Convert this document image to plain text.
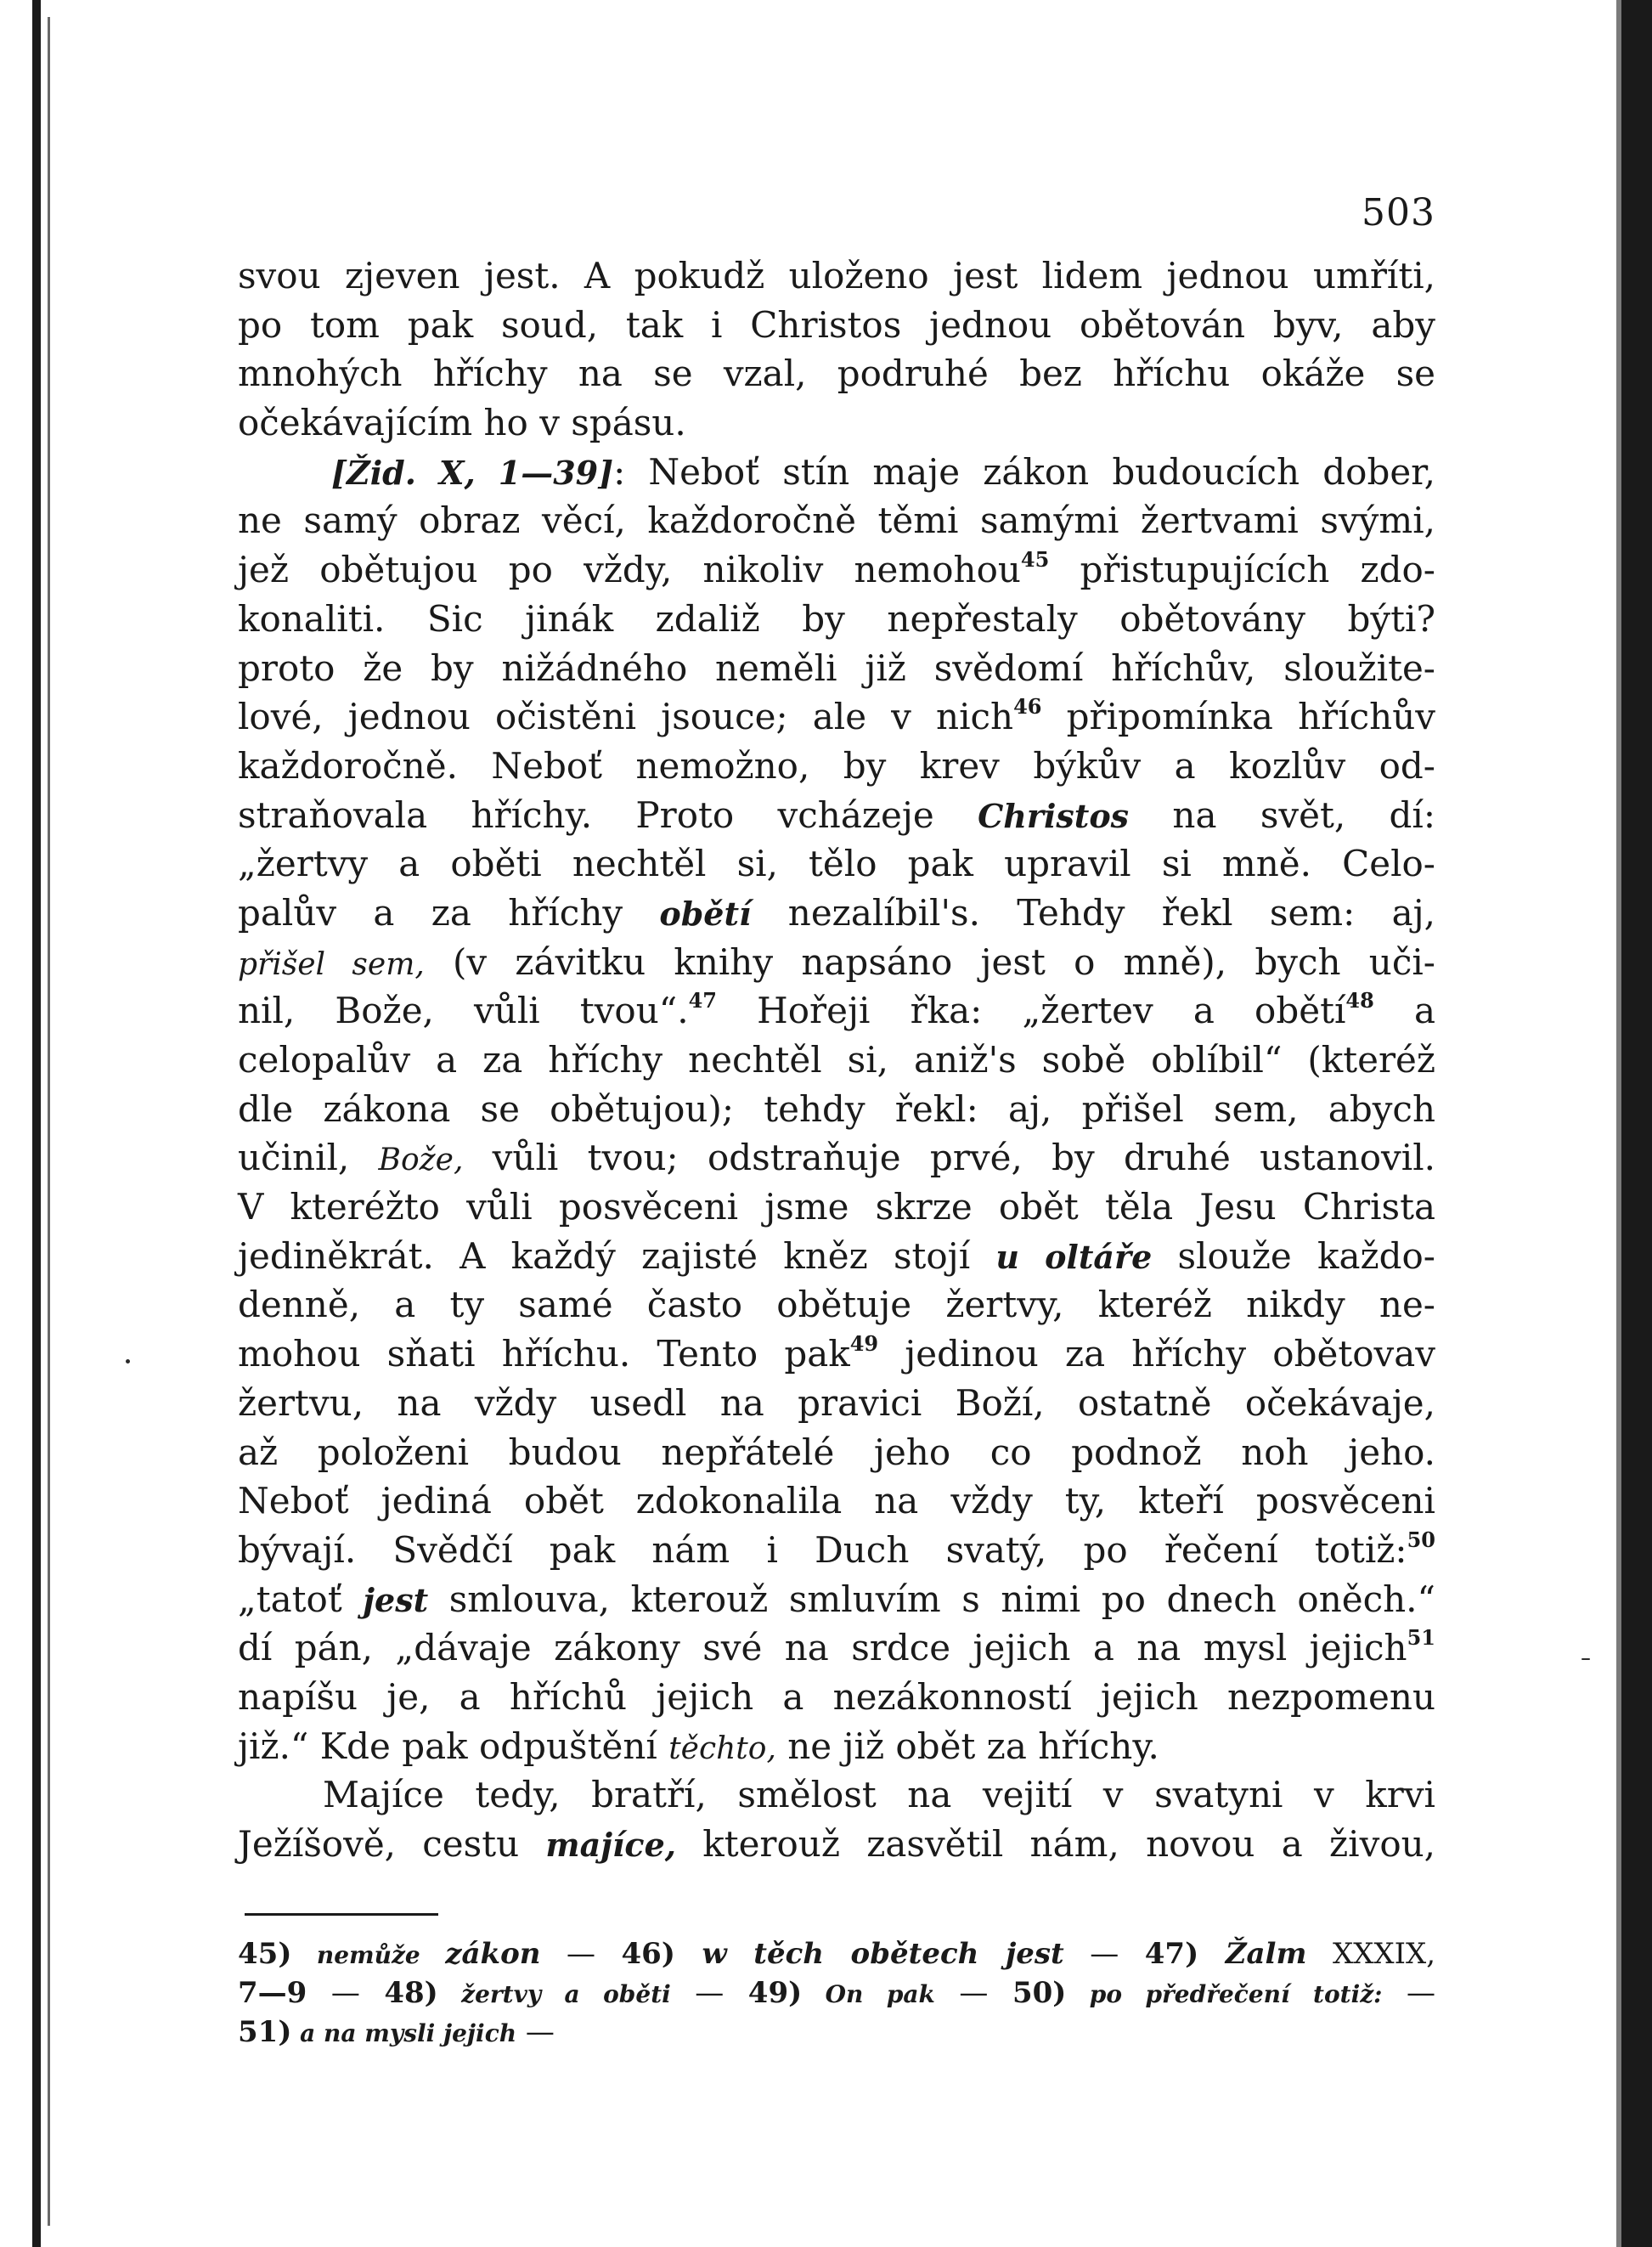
503
svou zjeven jest. A pokudž uloženo jest lidem jednou umříti,
po tom pak soud, tak i Christos jednou obětován byv, aby
mnohých hříchy na se vzal, podruhé bez hříchu okáže se
očekávajícím ho v spásu.
[Žid. X, 1—39]: Neboť stín maje zákon budoucích dober,
ne samý obraz věcí, každoročně těmi samými žertvami svými,
jež obětujou po vždy, nikoliv nemohou$^{45}$ přistupujících zdo-
konaliti. Sic jinák zdaliž by nepřestaly obětovány býti?
proto že by nižádného neměli již svědomí hříchův, sloužite-
lové, jednou očistěni jsouce; ale v nich$^{46}$ připomínka hříchův
každoročně. Neboť nemožno, by krev býkův a kozlův od-
straňovala hříchy. Proto vcházeje Christos na svět, dí:
„žertvy a oběti nechtěl si, tělo pak upravil si mně. Celo-
palův a za hříchy obětí nezalíbil's. Tehdy řekl sem: aj,
přišel sem, (v závitku knihy napsáno jest o mně), bych uči-
nil, Bože, vůli tvou“.$^{47}$ Hořeji řka: „žertev a obětí$^{48}$ a
celopalův a za hříchy nechtěl si, aniž's sobě oblíbil“ (kteréž
dle zákona se obětujou); tehdy řekl: aj, přišel sem, abych
učinil, Bože, vůli tvou; odstraňuje prvé, by druhé ustanovil.
V kteréžto vůli posvěceni jsme skrze obět těla Jesu Christa
jediněkrát. A každý zajisté kněz stojí u oltáře slouže každo-
denně, a ty samé často obětuje žertvy, kteréž nikdy ne-
mohou sňati hříchu. Tento pak$^{49}$ jedinou za hříchy obětovav
žertvu, na vždy usedl na pravici Boží, ostatně očekávaje,
až položeni budou nepřátelé jeho co podnož noh jeho.
Neboť jediná obět zdokonalila na vždy ty, kteří posvěceni
bývají. Svědčí pak nám i Duch svatý, po řečení totiž:$^{50}$
„tatoť jest smlouva, kterouž smluvím s nimi po dnech oněch.“
dí pán, „dávaje zákony své na srdce jejich a na mysl jejich$^{51}$
napíšu je, a hříchů jejich a nezákonností jejich nezpomenu
již.“ Kde pak odpuštění těchto, ne již obět za hříchy.
Majíce tedy, bratří, smělost na vejití v svatyni v krvi
Ježíšově, cestu majíce, kterouž zasvětil nám, novou a živou,
45) nemůže zákon — 46) w těch obětech jest — 47) Žalm XXXIX,
7—9 — 48) žertvy a oběti — 49) On pak — 50) po předřečení totiž: —
51) a na mysli jejich —
